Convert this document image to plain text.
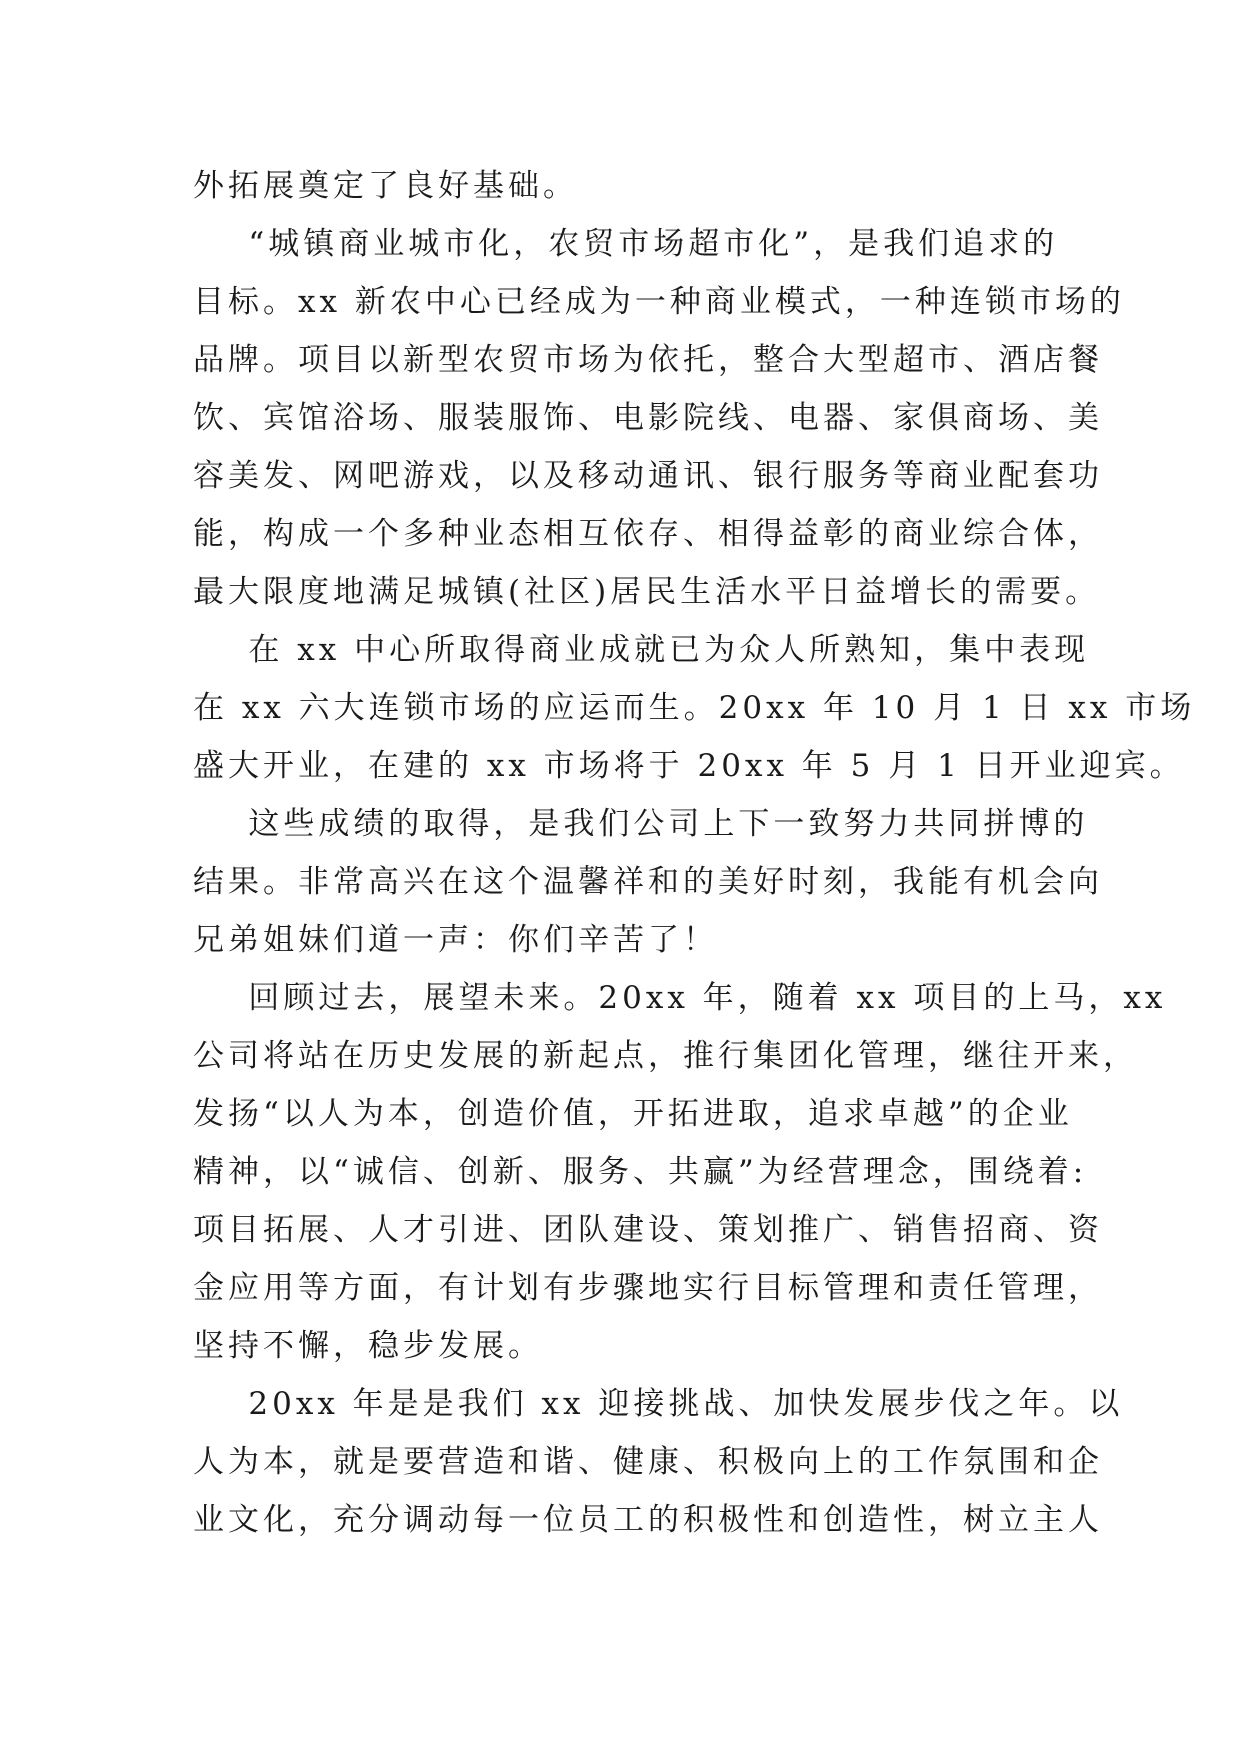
外拓展奠定了良好基础。
“城镇商业城市化，农贸市场超市化”，是我们追求的
目标。xx 新农中心已经成为一种商业模式，一种连锁市场的
品牌。项目以新型农贸市场为依托，整合大型超市、酒店餐
饮、宾馆浴场、服装服饰、电影院线、电器、家俱商场、美
容美发、网吧游戏，以及移动通讯、银行服务等商业配套功
能，构成一个多种业态相互依存、相得益彰的商业综合体，
最大限度地满足城镇(社区)居民生活水平日益增长的需要。
在 xx 中心所取得商业成就已为众人所熟知，集中表现
在 xx 六大连锁市场的应运而生。20xx 年 10 月 1 日 xx 市场
盛大开业，在建的 xx 市场将于 20xx 年 5 月 1 日开业迎宾。
这些成绩的取得，是我们公司上下一致努力共同拼博的
结果。非常高兴在这个温馨祥和的美好时刻，我能有机会向
兄弟姐妹们道一声：你们辛苦了！
回顾过去，展望未来。20xx 年，随着 xx 项目的上马，xx
公司将站在历史发展的新起点，推行集团化管理，继往开来，
发扬“以人为本，创造价值，开拓进取，追求卓越”的企业
精神，以“诚信、创新、服务、共赢”为经营理念，围绕着:
项目拓展、人才引进、团队建设、策划推广、销售招商、资
金应用等方面，有计划有步骤地实行目标管理和责任管理，
坚持不懈，稳步发展。
20xx 年是是我们 xx 迎接挑战、加快发展步伐之年。以
人为本，就是要营造和谐、健康、积极向上的工作氛围和企
业文化，充分调动每一位员工的积极性和创造性，树立主人
